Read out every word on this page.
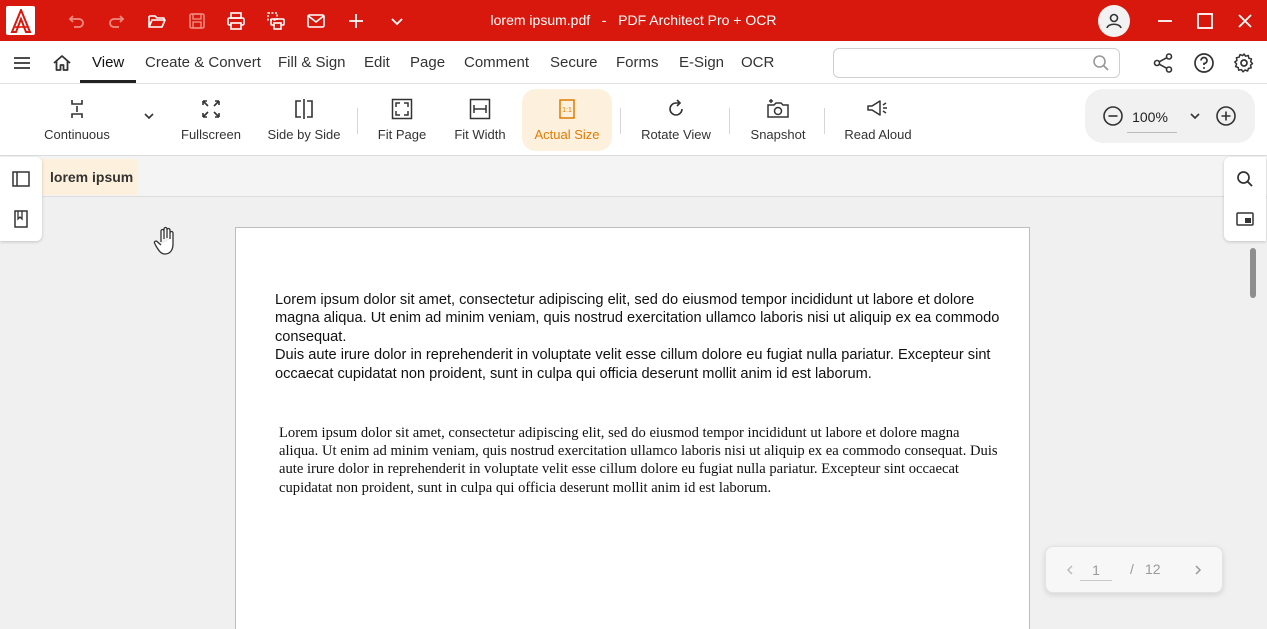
lorem ipsum.pdf - PDF Architect Pro + OCR
View Create & Convert Fill & Sign Edit Page Comment Secure Forms E-Sign OCR
Continuous	Fullscreen Side by Side	Fit Page Fit Width
1:1
Actual Size	Rotate View	Snapshot	Read Aloud
100%
lorem ipsum
Lorem ipsum dolor sit amet, consectetur adipiscing elit, sed do eiusmod tempor incididunt ut labore et dolore magna aliqua. Ut enim ad minim veniam, quis nostrud exercitation ullamco laboris nisi ut aliquip ex ea commodo consequat.
Duis aute irure dolor in reprehenderit in voluptate velit esse cillum dolore eu fugiat nulla pariatur. Excepteur sint occaecat cupidatat non proident, sunt in culpa qui officia deserunt mollit anim id est laborum.
Lorem ipsum dolor sit amet, consectetur adipiscing elit, sed do eiusmod tempor incididunt ut labore et dolore magna aliqua. Ut enim ad minim veniam, quis nostrud exercitation ullamco laboris nisi ut aliquip ex ea commodo consequat. Duis aute irure dolor in reprehenderit in voluptate velit esse cillum dolore eu fugiat nulla pariatur. Excepteur sint occaecat cupidatat non proident, sunt in culpa qui officia deserunt mollit anim id est laborum.
1
/ 12
